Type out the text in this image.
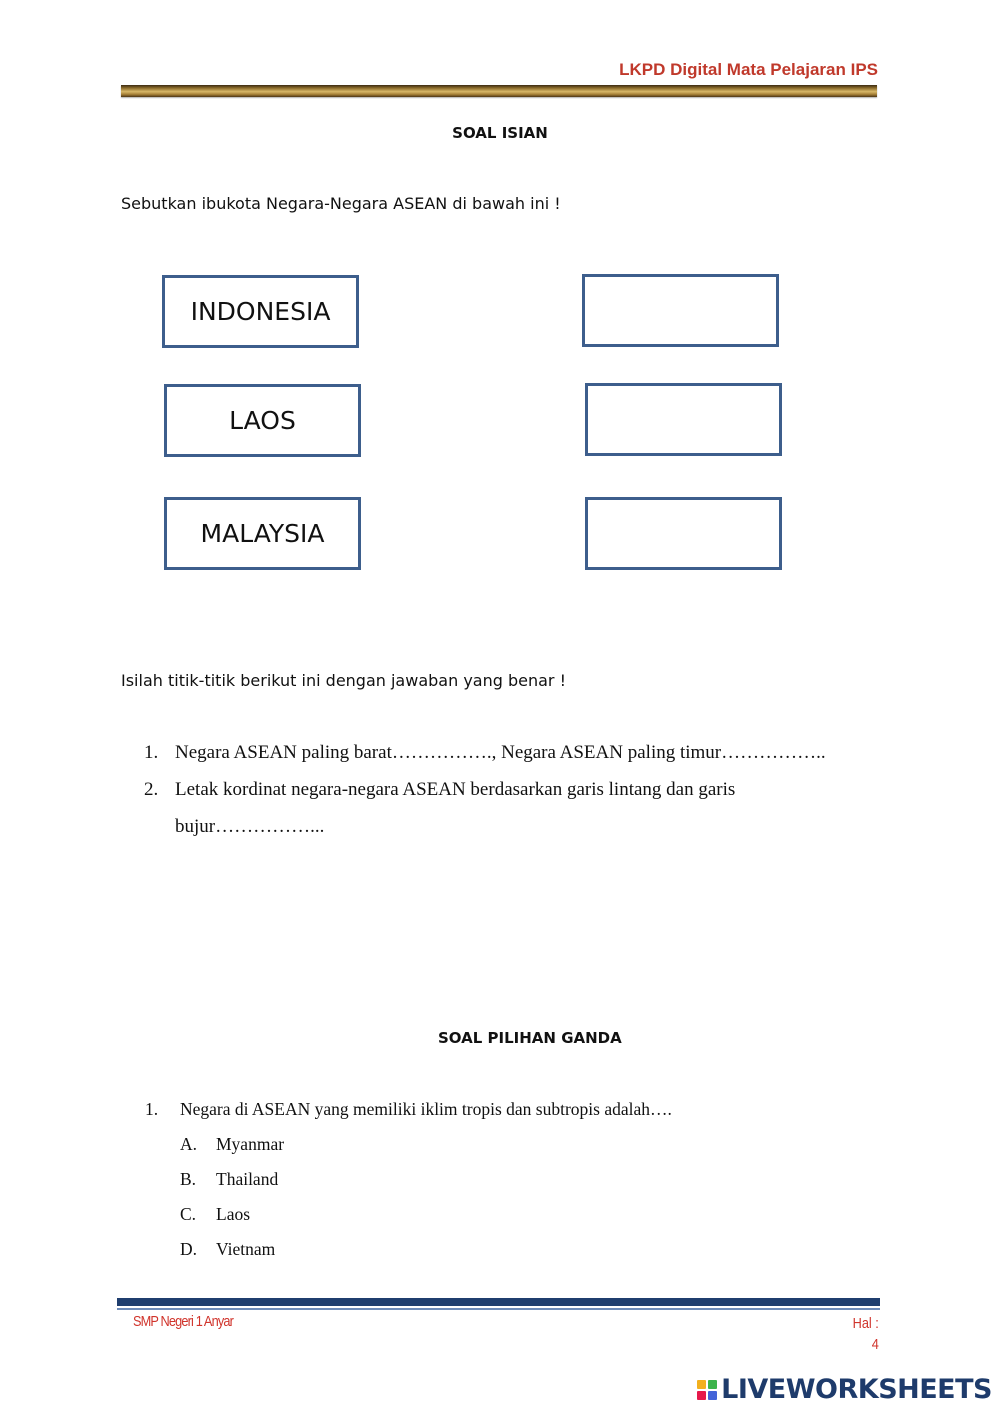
LKPD Digital Mata Pelajaran IPS
SOAL ISIAN
Sebutkan ibukota Negara-Negara ASEAN di bawah ini !
INDONESIA
LAOS
MALAYSIA
Isilah titik-titik berikut ini dengan jawaban yang benar !
1. Negara ASEAN paling barat……………., Negara ASEAN paling timur……………..
2. Letak kordinat negara-negara ASEAN berdasarkan garis lintang dan garis
bujur……………...
SOAL PILIHAN GANDA
1. Negara di ASEAN yang memiliki iklim tropis dan subtropis adalah….
A. Myanmar
B. Thailand
C. Laos
D. Vietnam
SMP Negeri 1 Anyar	Hal :
4
LIVEWORKSHEETS
